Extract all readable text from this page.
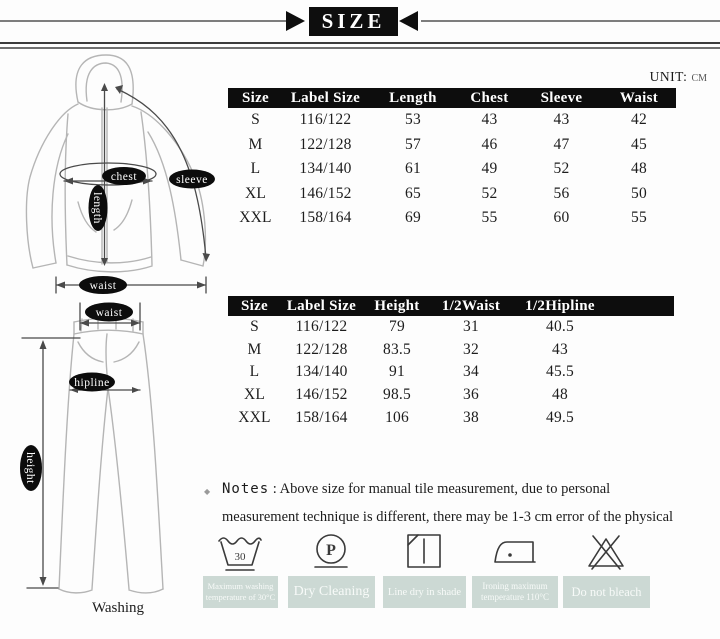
SIZE
UNIT: CM
chest	sleeve
length
waist
waist
hipline
height
Washing
Size	Label Size	Length	Chest	Sleeve	Waist
S	116/122	53	43	43	42
M	122/128	57	46	47	45
L	134/140	61	49	52	48
XL	146/152	65	52	56	50
XXL	158/164	69	55	60	55
Size	Label Size	Height	1/2Waist	1/2Hipline
S	116/122	79	31	40.5
M	122/128	83.5	32	43
L	134/140	91	34	45.5
XL	146/152	98.5	36	48
XXL	158/164	106	38	49.5
◆ Notes : Above size for manual tile measurement, due to personal
measurement technique is different, there may be 1-3 cm error of the physical
30	P
Maximum washing
temperature of 30°C Dry Cleaning Line dry in shade
Ironing maximum
temperature 110°C Do not bleach
